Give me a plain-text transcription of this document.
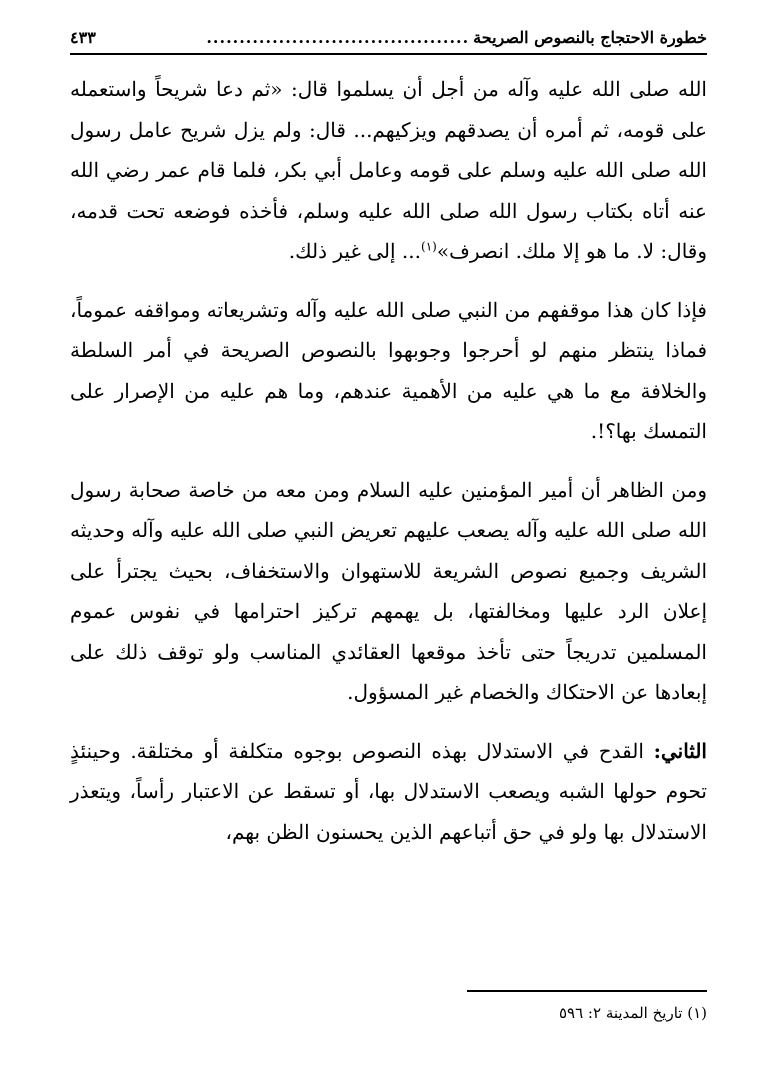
خطورة الاحتجاج بالنصوص الصريحة
........................................
٤٣٣

الله صلى الله عليه وآله من أجل أن يسلموا قال: «ثم دعا شريحاً واستعمله على قومه، ثم أمره أن يصدقهم ويزكيهم... قال: ولم يزل شريح عامل رسول الله صلى الله عليه وسلم على قومه وعامل أبي بكر، فلما قام عمر رضي الله عنه أتاه بكتاب رسول الله صلى الله عليه وسلم، فأخذه فوضعه تحت قدمه، وقال: لا. ما هو إلا ملك. انصرف»$^{(١)}$... إلى غير ذلك.

فإذا كان هذا موقفهم من النبي صلى الله عليه وآله وتشريعاته ومواقفه عموماً، فماذا ينتظر منهم لو أحرجوا وجوبهوا بالنصوص الصريحة في أمر السلطة والخلافة مع ما هي عليه من الأهمية عندهم، وما هم عليه من الإصرار على التمسك بها؟!.

ومن الظاهر أن أمير المؤمنين عليه السلام ومن معه من خاصة صحابة رسول الله صلى الله عليه وآله يصعب عليهم تعريض النبي صلى الله عليه وآله وحديثه الشريف وجميع نصوص الشريعة للاستهوان والاستخفاف، بحيث يجترأ على إعلان الرد عليها ومخالفتها، بل يهمهم تركيز احترامها في نفوس عموم المسلمين تدريجاً حتى تأخذ موقعها العقائدي المناسب ولو توقف ذلك على إبعادها عن الاحتكاك والخصام غير المسؤول.

الثاني: القدح في الاستدلال بهذه النصوص بوجوه متكلفة أو مختلقة. وحينئذٍ تحوم حولها الشبه ويصعب الاستدلال بها، أو تسقط عن الاعتبار رأساً، ويتعذر الاستدلال بها ولو في حق أتباعهم الذين يحسنون الظن بهم،

(١) تاريخ المدينة ٢: ٥٩٦
